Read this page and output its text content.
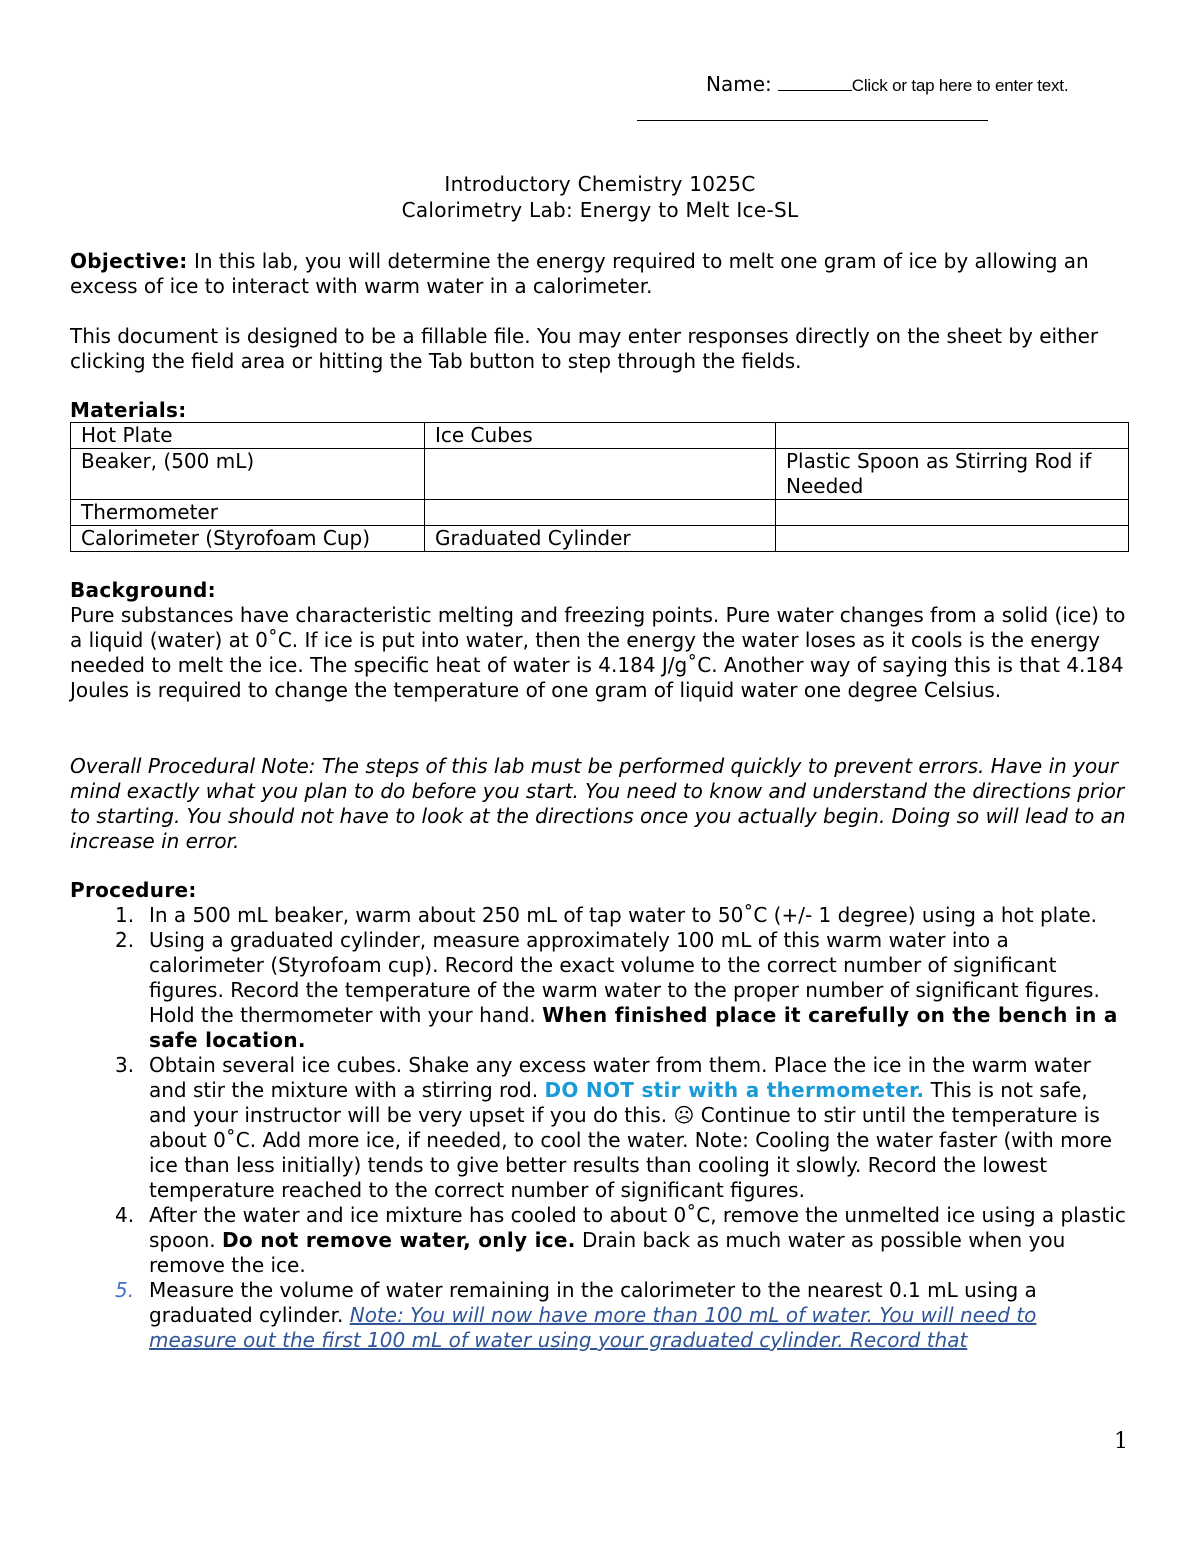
Name:	Click or tap here to enter text.
Introductory Chemistry 1025C
Calorimetry Lab: Energy to Melt Ice-SL
Objective: In this lab, you will determine the energy required to melt one gram of ice by allowing an excess of ice to interact with warm water in a calorimeter.
This document is designed to be a fillable file. You may enter responses directly on the sheet by either clicking the field area or hitting the Tab button to step through the fields.
Materials:
Hot Plate	Ice Cubes	
Beaker, (500 mL)		Plastic Spoon as Stirring Rod if Needed
Thermometer		
Calorimeter (Styrofoam Cup)	Graduated Cylinder	
Background:
Pure substances have characteristic melting and freezing points. Pure water changes from a solid (ice) to a liquid (water) at 0˚C. If ice is put into water, then the energy the water loses as it cools is the energy needed to melt the ice. The specific heat of water is 4.184 J/g˚C. Another way of saying this is that 4.184 Joules is required to change the temperature of one gram of liquid water one degree Celsius.
Overall Procedural Note: The steps of this lab must be performed quickly to prevent errors. Have in your mind exactly what you plan to do before you start. You need to know and understand the directions prior to starting. You should not have to look at the directions once you actually begin. Doing so will lead to an increase in error.
Procedure:
1. In a 500 mL beaker, warm about 250 mL of tap water to 50˚C (+/- 1 degree) using a hot plate.
2. Using a graduated cylinder, measure approximately 100 mL of this warm water into a calorimeter (Styrofoam cup). Record the exact volume to the correct number of significant figures. Record the temperature of the warm water to the proper number of significant figures. Hold the thermometer with your hand. When finished place it carefully on the bench in a safe location.
3. Obtain several ice cubes. Shake any excess water from them. Place the ice in the warm water and stir the mixture with a stirring rod. DO NOT stir with a thermometer. This is not safe, and your instructor will be very upset if you do this. ☹ Continue to stir until the temperature is about 0˚C. Add more ice, if needed, to cool the water. Note: Cooling the water faster (with more ice than less initially) tends to give better results than cooling it slowly. Record the lowest temperature reached to the correct number of significant figures.
4. After the water and ice mixture has cooled to about 0˚C, remove the unmelted ice using a plastic spoon. Do not remove water, only ice. Drain back as much water as possible when you remove the ice.
5. Measure the volume of water remaining in the calorimeter to the nearest 0.1 mL using a graduated cylinder. Note: You will now have more than 100 mL of water. You will need to measure out the first 100 mL of water using your graduated cylinder. Record that
1
